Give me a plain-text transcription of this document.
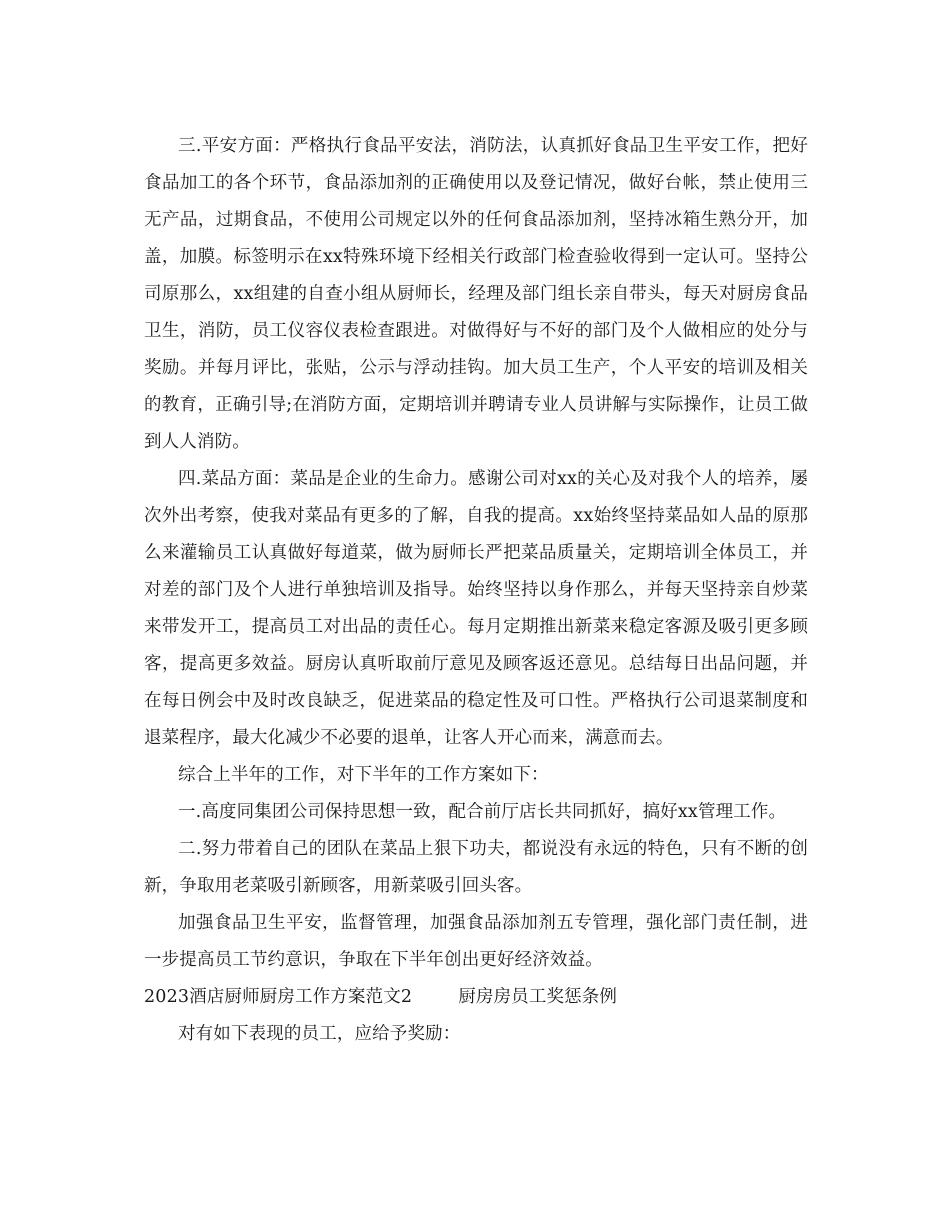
三.平安方面：严格执行食品平安法，消防法，认真抓好食品卫生平安工作，把好食品加工的各个环节，食品添加剂的正确使用以及登记情况，做好台帐，禁止使用三无产品，过期食品，不使用公司规定以外的任何食品添加剂，坚持冰箱生熟分开，加盖，加膜。标签明示在xx特殊环境下经相关行政部门检查验收得到一定认可。坚持公司原那么，xx组建的自查小组从厨师长，经理及部门组长亲自带头，每天对厨房食品卫生，消防，员工仪容仪表检查跟进。对做得好与不好的部门及个人做相应的处分与奖励。并每月评比，张贴，公示与浮动挂钩。加大员工生产，个人平安的培训及相关的教育，正确引导;在消防方面，定期培训并聘请专业人员讲解与实际操作，让员工做到人人消防。

四.菜品方面：菜品是企业的生命力。感谢公司对xx的关心及对我个人的培养，屡次外出考察，使我对菜品有更多的了解，自我的提高。xx始终坚持菜品如人品的原那么来灌输员工认真做好每道菜，做为厨师长严把菜品质量关，定期培训全体员工，并对差的部门及个人进行单独培训及指导。始终坚持以身作那么，并每天坚持亲自炒菜来带发开工，提高员工对出品的责任心。每月定期推出新菜来稳定客源及吸引更多顾客，提高更多效益。厨房认真听取前厅意见及顾客返还意见。总结每日出品问题，并在每日例会中及时改良缺乏，促进菜品的稳定性及可口性。严格执行公司退菜制度和退菜程序，最大化减少不必要的退单，让客人开心而来，满意而去。

综合上半年的工作，对下半年的工作方案如下：

一.高度同集团公司保持思想一致，配合前厅店长共同抓好，搞好xx管理工作。

二.努力带着自己的团队在菜品上狠下功夫，都说没有永远的特色，只有不断的创新，争取用老菜吸引新顾客，用新菜吸引回头客。

加强食品卫生平安，监督管理，加强食品添加剂五专管理，强化部门责任制，进一步提高员工节约意识，争取在下半年创出更好经济效益。

2023酒店厨师厨房工作方案范文2	厨房房员工奖惩条例

对有如下表现的员工，应给予奖励：
